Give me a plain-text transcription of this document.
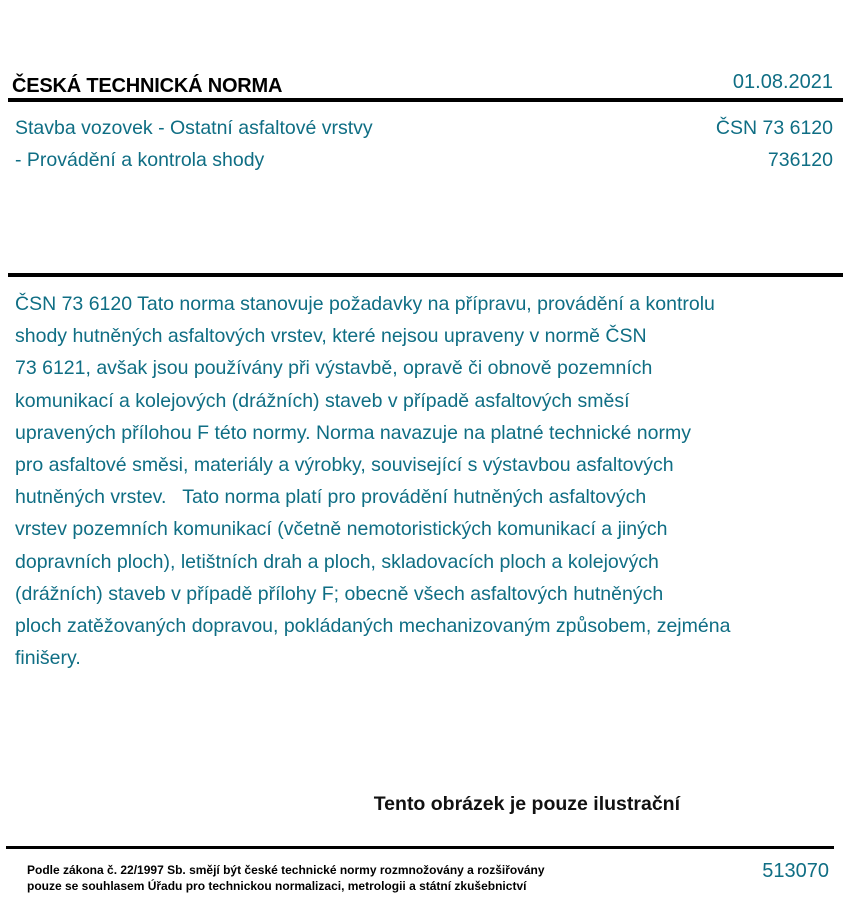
ČESKÁ TECHNICKÁ NORMA	01.08.2021
Stavba vozovek - Ostatní asfaltové vrstvy
- Provádění a kontrola shody
ČSN 73 6120
736120

ČSN 73 6120 Tato norma stanovuje požadavky na přípravu, provádění a kontrolu
shody hutněných asfaltových vrstev, které nejsou upraveny v normě ČSN
73 6121, avšak jsou používány při výstavbě, opravě či obnově pozemních
komunikací a kolejových (drážních) staveb v případě asfaltových směsí
upravených přílohou F této normy. Norma navazuje na platné technické normy
pro asfaltové směsi, materiály a výrobky, související s výstavbou asfaltových
hutněných vrstev.   Tato norma platí pro provádění hutněných asfaltových
vrstev pozemních komunikací (včetně nemotoristických komunikací a jiných
dopravních ploch), letištních drah a ploch, skladovacích ploch a kolejových
(drážních) staveb v případě přílohy F; obecně všech asfaltových hutněných
ploch zatěžovaných dopravou, pokládaných mechanizovaným způsobem, zejména
finišery.

Tento obrázek je pouze ilustrační
Podle zákona č. 22/1997 Sb. smějí být české technické normy rozmnožovány a rozšiřovány
pouze se souhlasem Úřadu pro technickou normalizaci, metrologii a státní zkušebnictví
513070
